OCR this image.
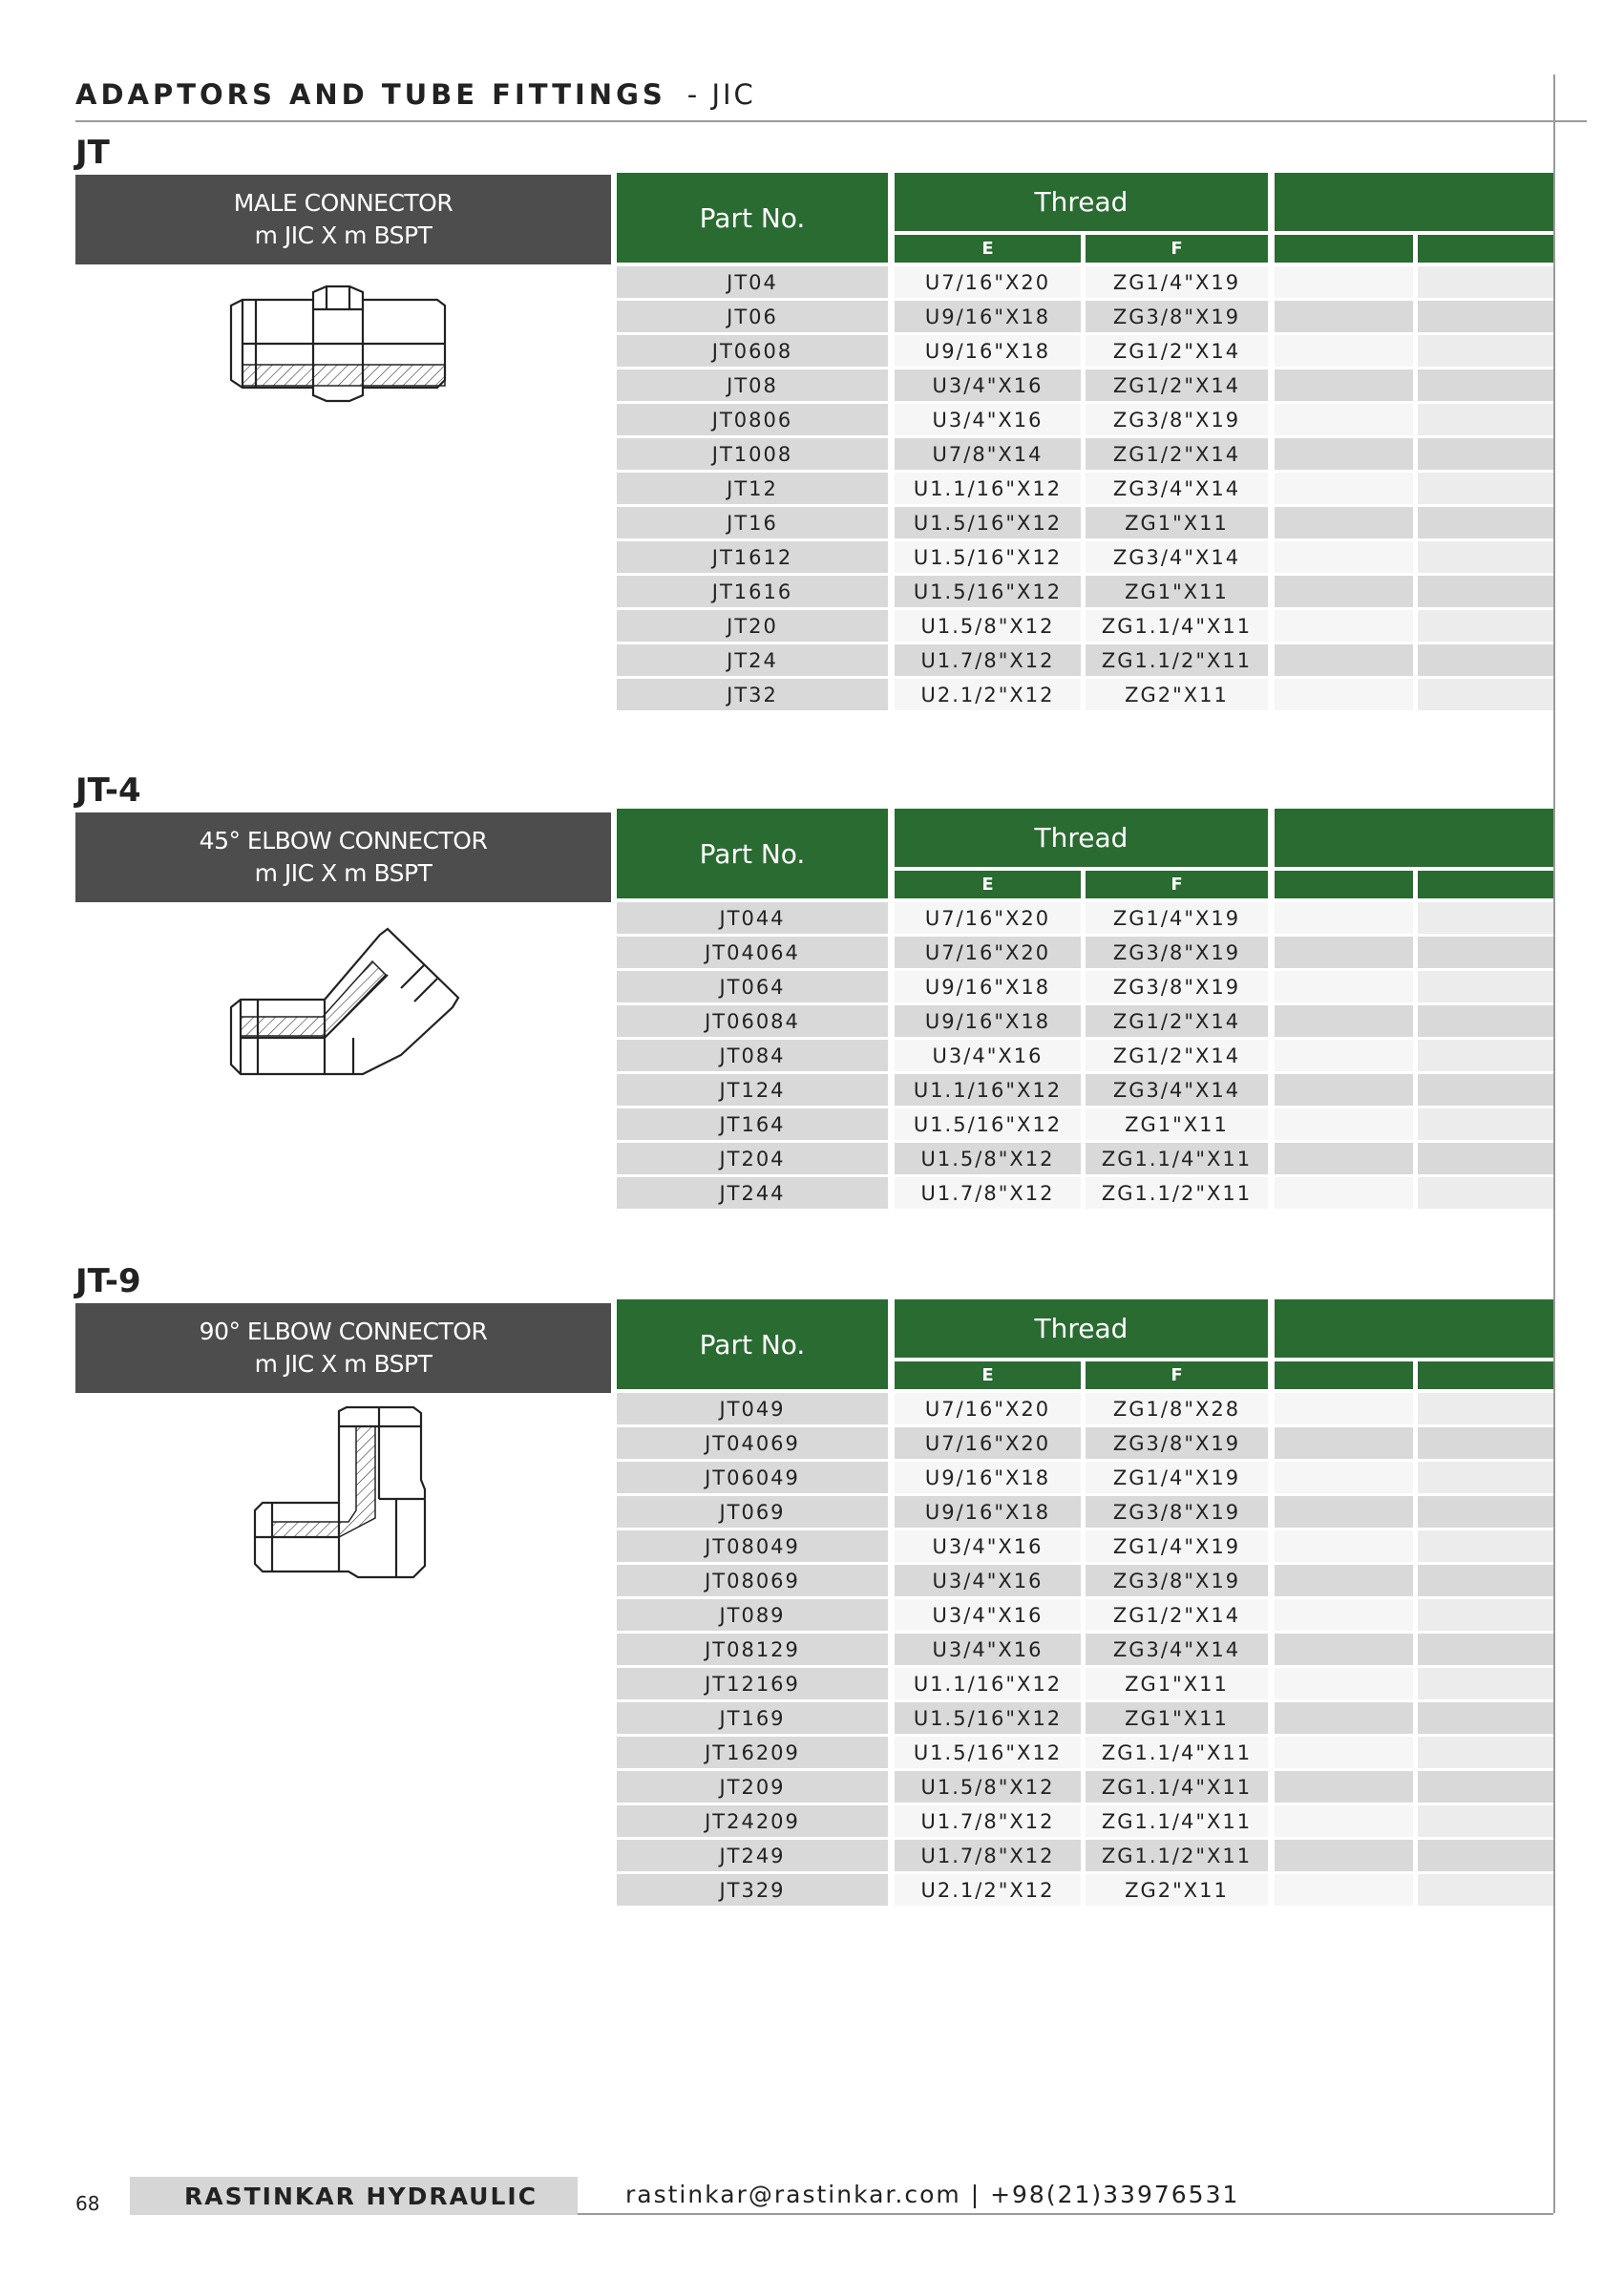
ADAPTORS AND TUBE FITTINGS - JIC
JT
MALE CONNECTOR
m JIC X m BSPT
JT-4
45° ELBOW CONNECTOR
m JIC X m BSPT
JT-9
90° ELBOW CONNECTOR
m JIC X m BSPT
Part No.	Thread
E	F
JT04	U7/16"X20	ZG1/4"X19
JT06	U9/16"X18	ZG3/8"X19
JT0608	U9/16"X18	ZG1/2"X14
JT08	U3/4"X16	ZG1/2"X14
JT0806	U3/4"X16	ZG3/8"X19
JT1008	U7/8"X14	ZG1/2"X14
JT12	U1.1/16"X12	ZG3/4"X14
JT16	U1.5/16"X12	ZG1"X11
JT1612	U1.5/16"X12	ZG3/4"X14
JT1616	U1.5/16"X12	ZG1"X11
JT20	U1.5/8"X12	ZG1.1/4"X11
JT24	U1.7/8"X12	ZG1.1/2"X11
JT32	U2.1/2"X12	ZG2"X11
Part No.	Thread
E	F
JT044	U7/16"X20	ZG1/4"X19
JT04064	U7/16"X20	ZG3/8"X19
JT064	U9/16"X18	ZG3/8"X19
JT06084	U9/16"X18	ZG1/2"X14
JT084	U3/4"X16	ZG1/2"X14
JT124	U1.1/16"X12	ZG3/4"X14
JT164	U1.5/16"X12	ZG1"X11
JT204	U1.5/8"X12	ZG1.1/4"X11
JT244	U1.7/8"X12	ZG1.1/2"X11
Part No.	Thread
E	F
JT049	U7/16"X20	ZG1/8"X28
JT04069	U7/16"X20	ZG3/8"X19
JT06049	U9/16"X18	ZG1/4"X19
JT069	U9/16"X18	ZG3/8"X19
JT08049	U3/4"X16	ZG1/4"X19
JT08069	U3/4"X16	ZG3/8"X19
JT089	U3/4"X16	ZG1/2"X14
JT08129	U3/4"X16	ZG3/4"X14
JT12169	U1.1/16"X12	ZG1"X11
JT169	U1.5/16"X12	ZG1"X11
JT16209	U1.5/16"X12	ZG1.1/4"X11
JT209	U1.5/8"X12	ZG1.1/4"X11
JT24209	U1.7/8"X12	ZG1.1/4"X11
JT249	U1.7/8"X12	ZG1.1/2"X11
JT329	U2.1/2"X12	ZG2"X11
68	RASTINKAR HYDRAULIC	rastinkar@rastinkar.com | +98(21)33976531
